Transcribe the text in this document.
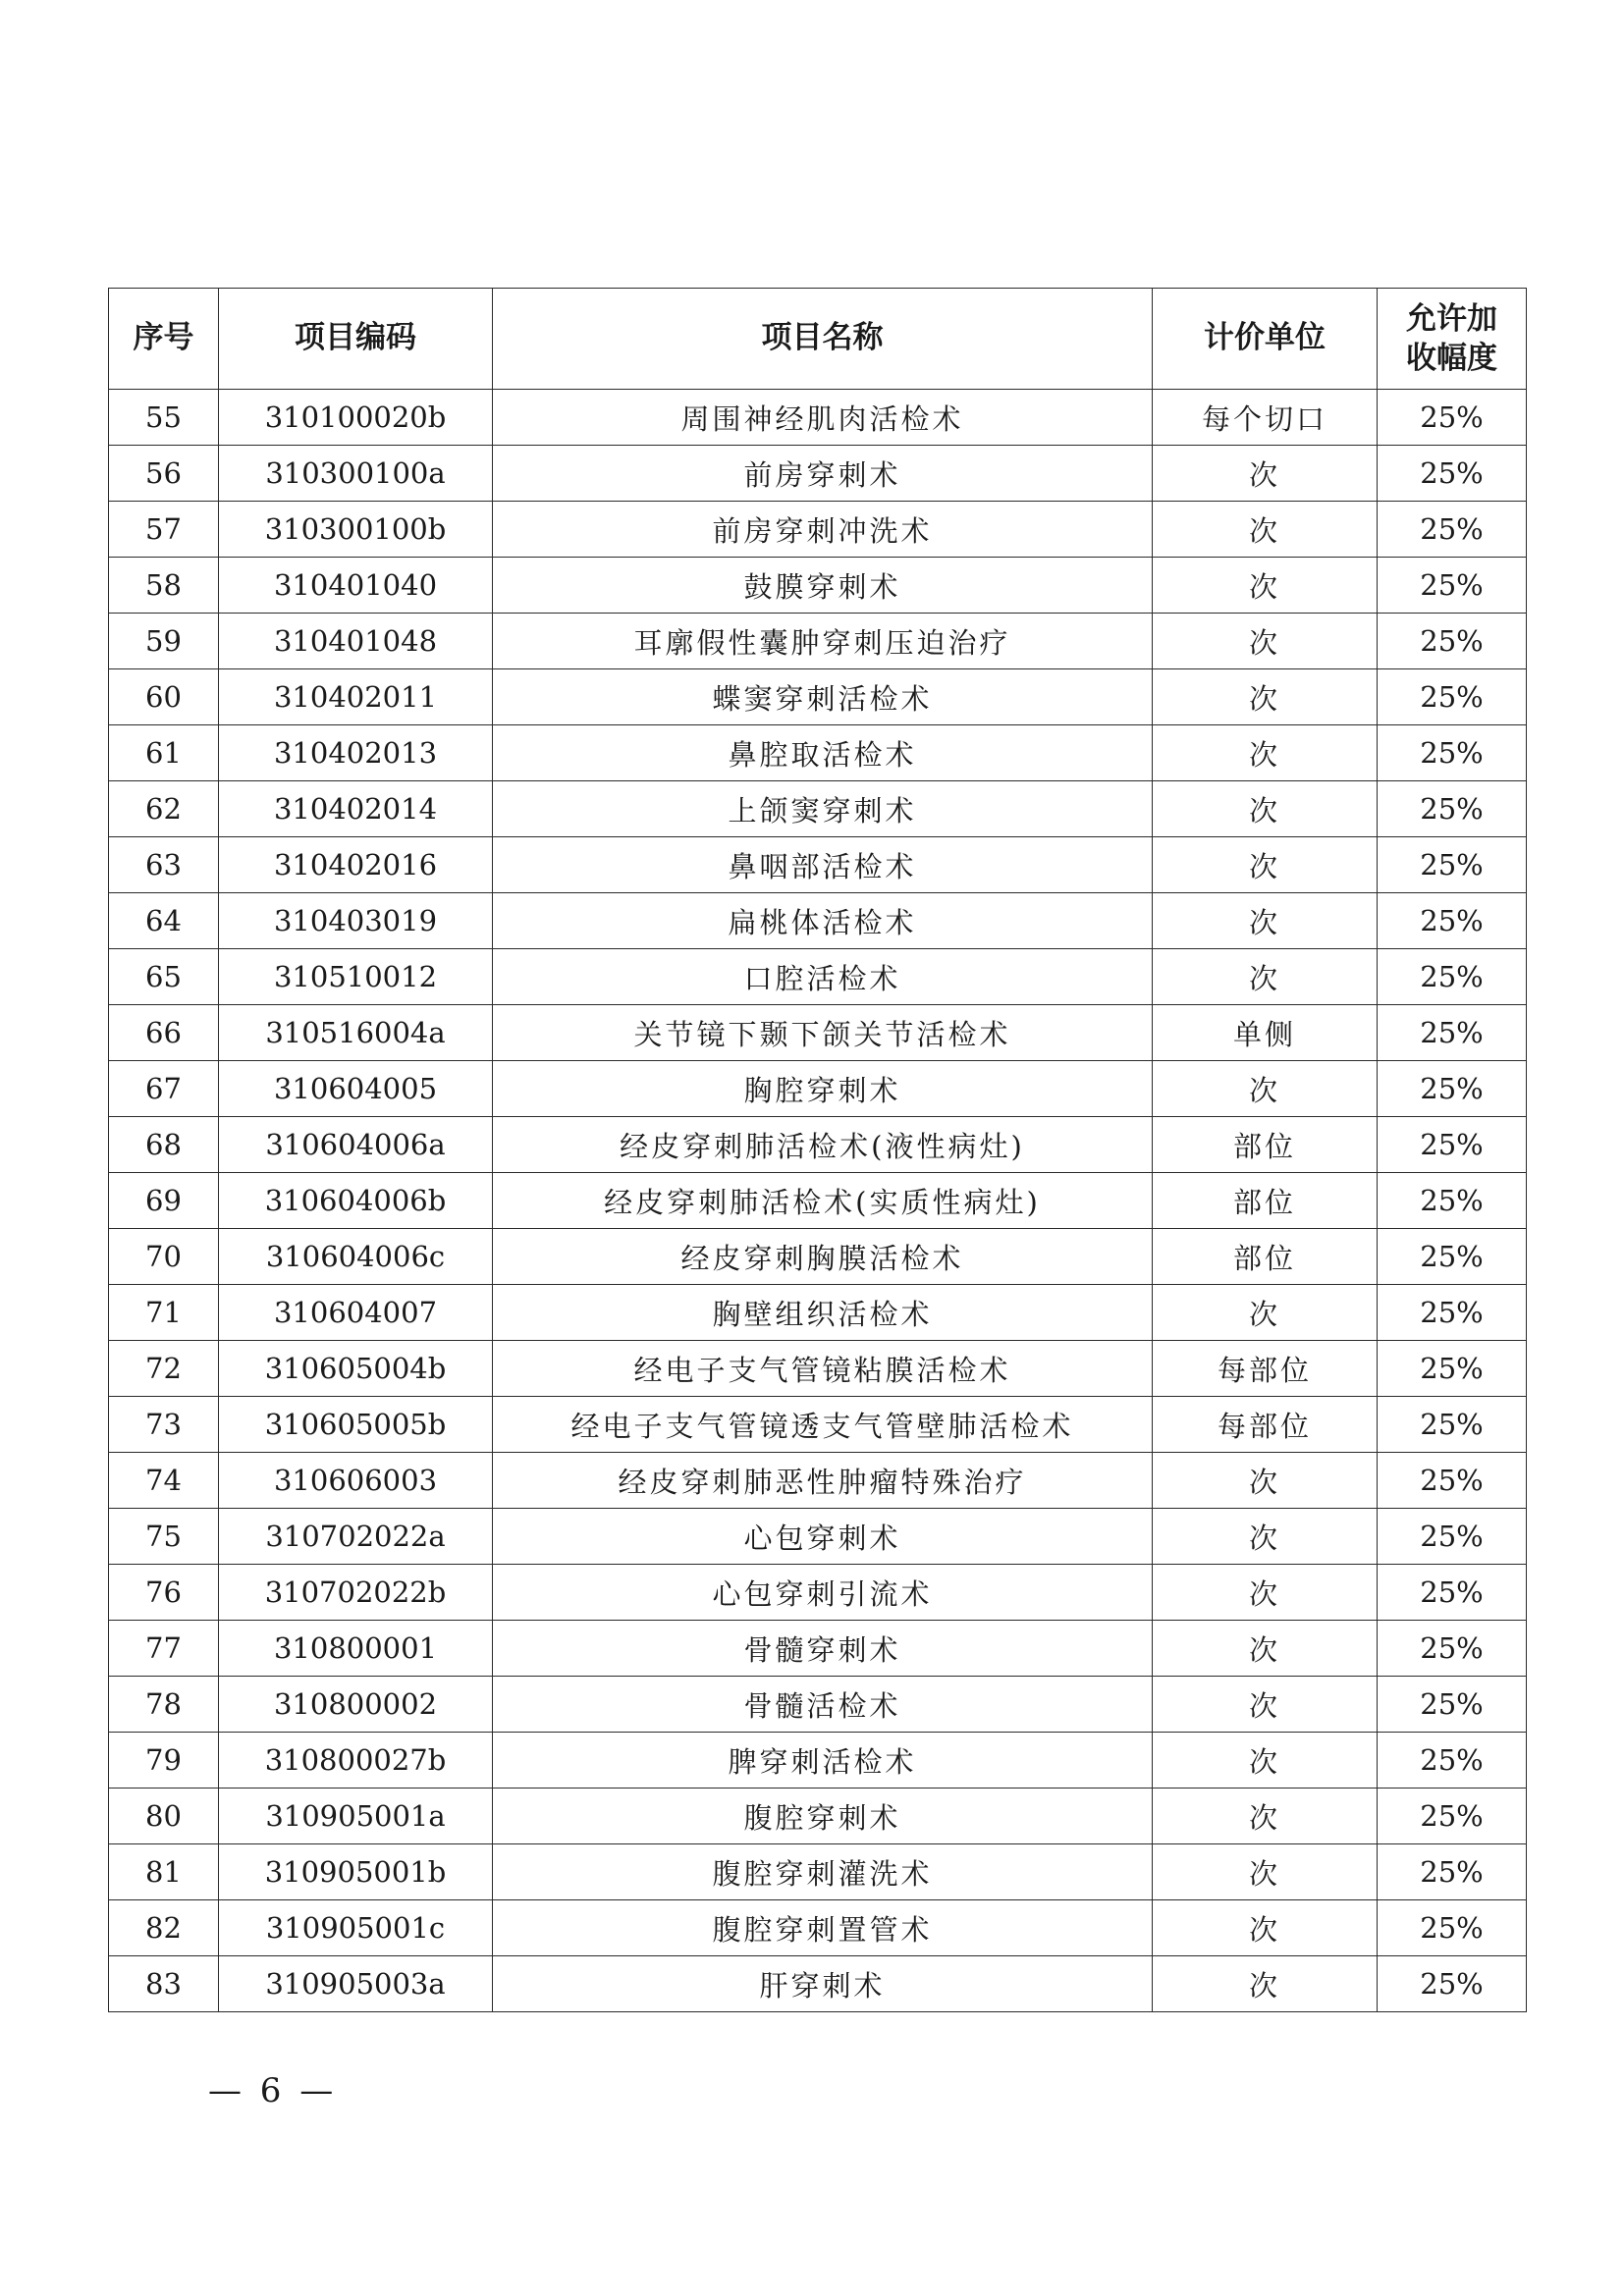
序号	项目编码	项目名称	计价单位	允许加收幅度
55	310100020b	周围神经肌肉活检术	每个切口	25%
56	310300100a	前房穿刺术	次	25%
57	310300100b	前房穿刺冲洗术	次	25%
58	310401040	鼓膜穿刺术	次	25%
59	310401048	耳廓假性囊肿穿刺压迫治疗	次	25%
60	310402011	蝶窦穿刺活检术	次	25%
61	310402013	鼻腔取活检术	次	25%
62	310402014	上颌窦穿刺术	次	25%
63	310402016	鼻咽部活检术	次	25%
64	310403019	扁桃体活检术	次	25%
65	310510012	口腔活检术	次	25%
66	310516004a	关节镜下颞下颌关节活检术	单侧	25%
67	310604005	胸腔穿刺术	次	25%
68	310604006a	经皮穿刺肺活检术(液性病灶)	部位	25%
69	310604006b	经皮穿刺肺活检术(实质性病灶)	部位	25%
70	310604006c	经皮穿刺胸膜活检术	部位	25%
71	310604007	胸壁组织活检术	次	25%
72	310605004b	经电子支气管镜粘膜活检术	每部位	25%
73	310605005b	经电子支气管镜透支气管壁肺活检术	每部位	25%
74	310606003	经皮穿刺肺恶性肿瘤特殊治疗	次	25%
75	310702022a	心包穿刺术	次	25%
76	310702022b	心包穿刺引流术	次	25%
77	310800001	骨髓穿刺术	次	25%
78	310800002	骨髓活检术	次	25%
79	310800027b	脾穿刺活检术	次	25%
80	310905001a	腹腔穿刺术	次	25%
81	310905001b	腹腔穿刺灌洗术	次	25%
82	310905001c	腹腔穿刺置管术	次	25%
83	310905003a	肝穿刺术	次	25%
— 6 —
